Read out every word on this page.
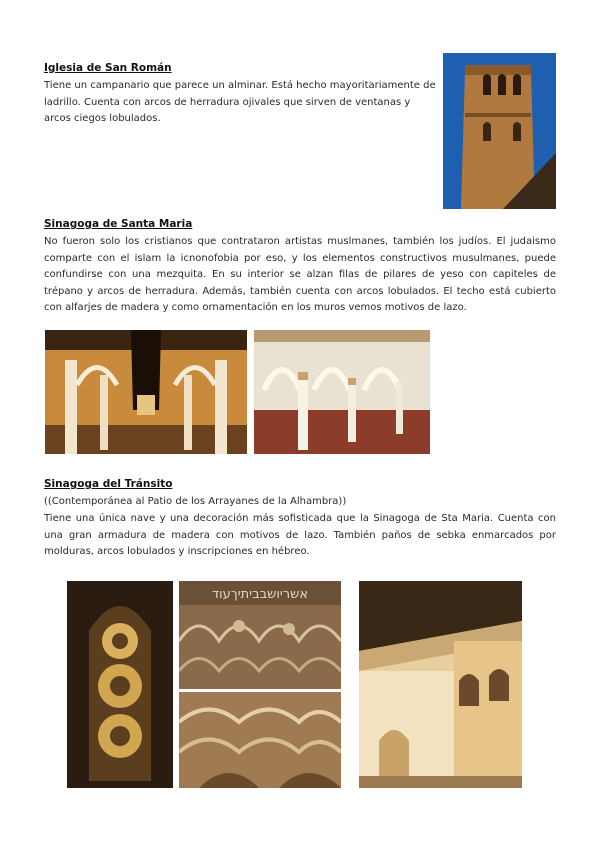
Iglesia de San Román

Tiene un campanario que parece un alminar. Está hecho mayoritariamente de ladrillo. Cuenta con arcos de herradura ojivales que sirven de ventanas y arcos ciegos lobulados.

Sinagoga de Santa Maria

No fueron solo los cristianos que contrataron artistas muslmanes, también los judíos. El judaismo comparte con el islam la icnonofobia por eso, y los elementos constructivos musulmanes, puede confundirse con una mezquita. En su interior se alzan filas de pilares de yeso con capiteles de trépano y arcos de herradura. Además, también cuenta con arcos lobulados. El techo está cubierto con alfarjes de madera y como ornamentación en los muros vemos motivos de lazo.

Sinagoga del Tránsito

((Contemporánea al Patio de los Arrayanes de la Alhambra))

Tiene una única nave y una decoración más sofisticada que la Sinagoga de Sta Maria. Cuenta con una gran armadura de madera con motivos de lazo. También paños de sebka enmarcados por molduras, arcos lobulados y inscripciones en hébreo.

אשריושבביתיךעוד
